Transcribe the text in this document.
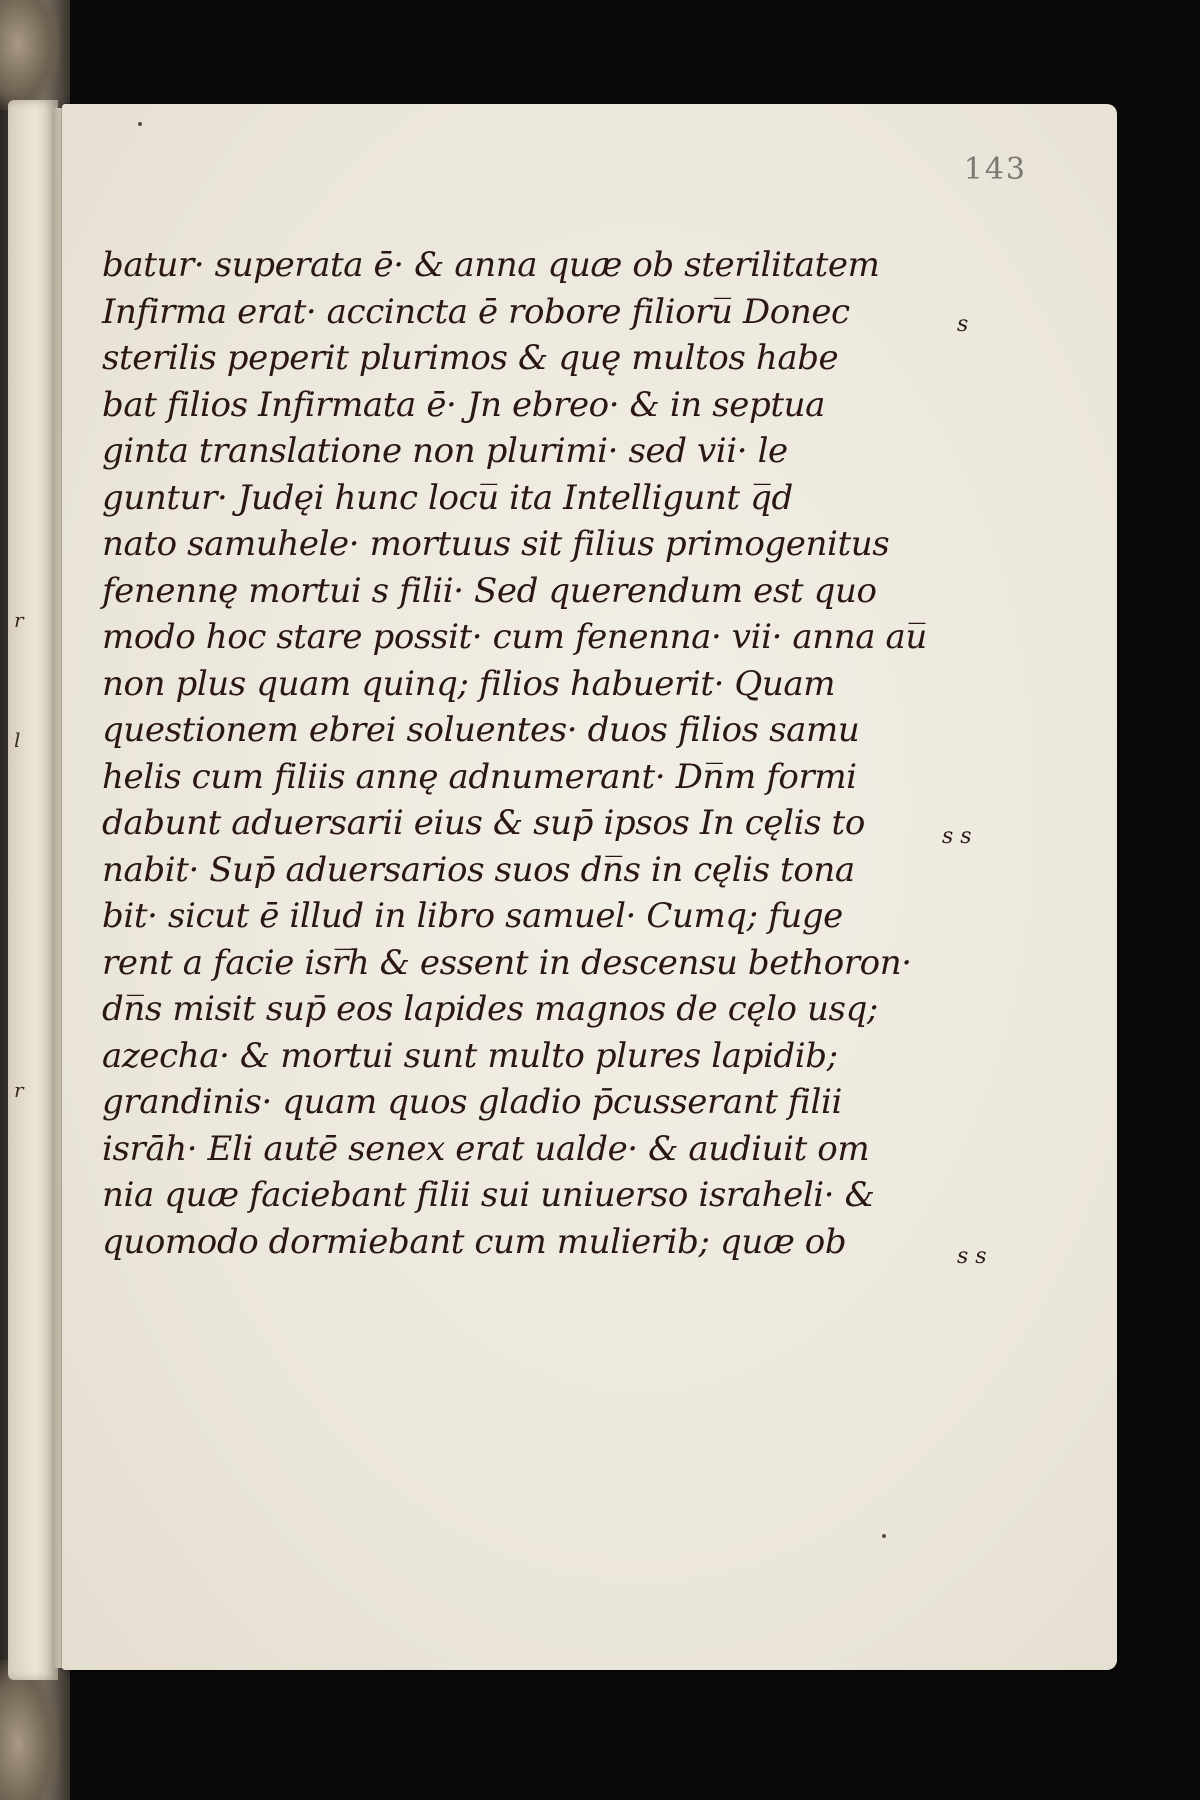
r
l
r
143
batur· superata ē· & anna quæ ob sterilitatem
Infirma erat· accincta ē robore filioru̅ Donec
sterilis peperit plurimos & quę multos habe
bat filios Infirmata ē· Jn ebreo· & in septua
ginta translatione non plurimi· sed vii· le
guntur· Judęi hunc locu̅ ita Intelligunt q̅d
nato samuhele· mortuus sit filius primogenitus
fenennę mortui s filii· Sed querendum est quo
modo hoc stare possit· cum fenenna· vii· anna au̅
non plus quam quinq; filios habuerit· Quam
questionem ebrei soluentes· duos filios samu
helis cum filiis annę adnumerant· Dn̅m formi
dabunt aduersarii eius & sup̄ ipsos In cęlis to
nabit· Sup̄ aduersarios suos dn̅s in cęlis tona
bit· sicut ē illud in libro samuel· Cumq; fuge
rent a facie isr̅h & essent in descensu bethoron·
dn̅s misit sup̄ eos lapides magnos de cęlo usq;
azecha· & mortui sunt multo plures lapidib;
grandinis· quam quos gladio p̄cusserant filii
isrāh· Eli autē senex erat ualde· & audiuit om
nia quæ faciebant filii sui uniuerso israheli· &
quomodo dormiebant cum mulierib; quæ ob
s
s s
s s
